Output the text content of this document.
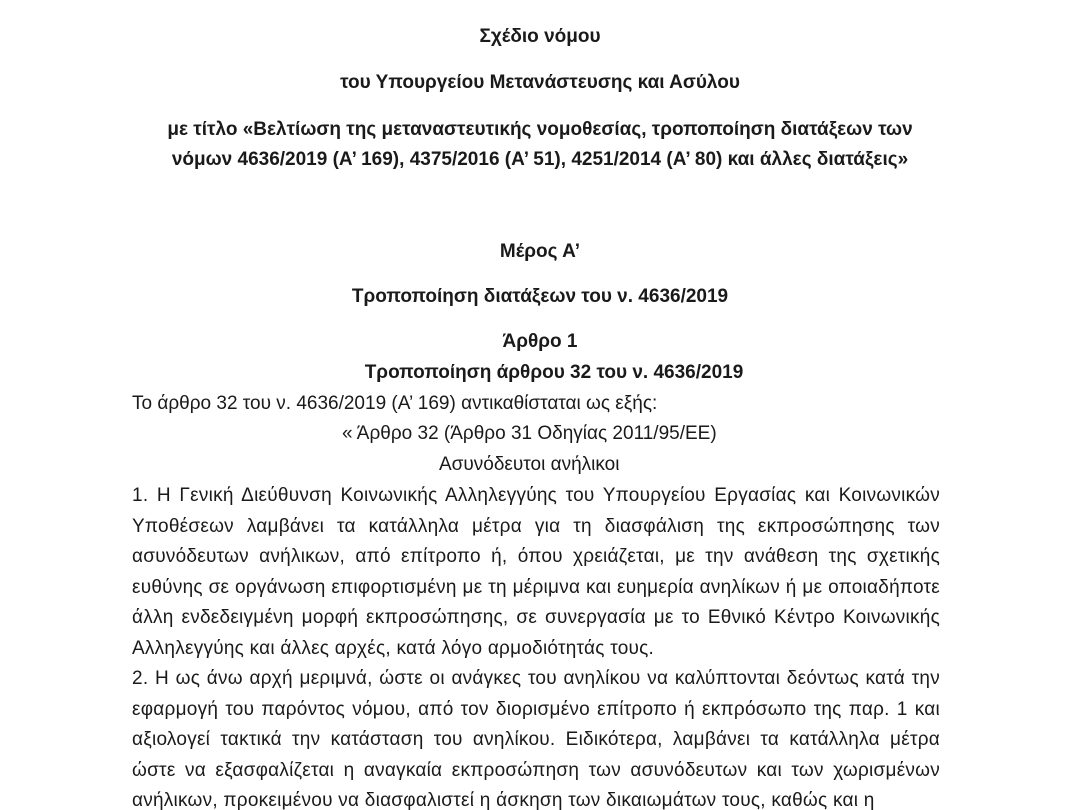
Σχέδιο νόμου
του Υπουργείου Μετανάστευσης και Ασύλου
με τίτλο «Βελτίωση της μεταναστευτικής νομοθεσίας, τροποποίηση διατάξεων των
νόμων 4636/2019 (Α’ 169), 4375/2016 (Α’ 51), 4251/2014 (Α’ 80) και άλλες διατάξεις»
Μέρος Α’
Τροποποίηση διατάξεων του ν. 4636/2019
Άρθρο 1
Τροποποίηση άρθρου 32 του ν. 4636/2019
Το άρθρο 32 του ν. 4636/2019 (Α’ 169) αντικαθίσταται ως εξής:
« Άρθρο 32 (Άρθρο 31 Οδηγίας 2011/95/ΕΕ)
Ασυνόδευτοι ανήλικοι

1. Η Γενική Διεύθυνση Κοινωνικής Αλληλεγγύης του Υπουργείου Εργασίας και Κοινωνικών Υποθέσεων λαμβάνει τα κατάλληλα μέτρα για τη διασφάλιση της εκπροσώπησης των ασυνόδευτων ανήλικων, από επίτροπο ή, όπου χρειάζεται, με την ανάθεση της σχετικής ευθύνης σε οργάνωση επιφορτισμένη με τη μέριμνα και ευημερία ανηλίκων ή με οποιαδήποτε άλλη ενδεδειγμένη μορφή εκπροσώπησης, σε συνεργασία με το Εθνικό Κέντρο Κοινωνικής Αλληλεγγύης και άλλες αρχές, κατά λόγο αρμοδιότητάς τους.

2. Η ως άνω αρχή μεριμνά, ώστε οι ανάγκες του ανηλίκου να καλύπτονται δεόντως κατά την εφαρμογή του παρόντος νόμου, από τον διορισμένο επίτροπο ή εκπρόσωπο της παρ. 1 και αξιολογεί τακτικά την κατάσταση του ανηλίκου. Ειδικότερα, λαμβάνει τα κατάλληλα μέτρα ώστε να εξασφαλίζεται η αναγκαία εκπροσώπηση των ασυνόδευτων και των χωρισμένων ανήλικων, προκειμένου να διασφαλιστεί η άσκηση των δικαιωμάτων τους, καθώς και η
